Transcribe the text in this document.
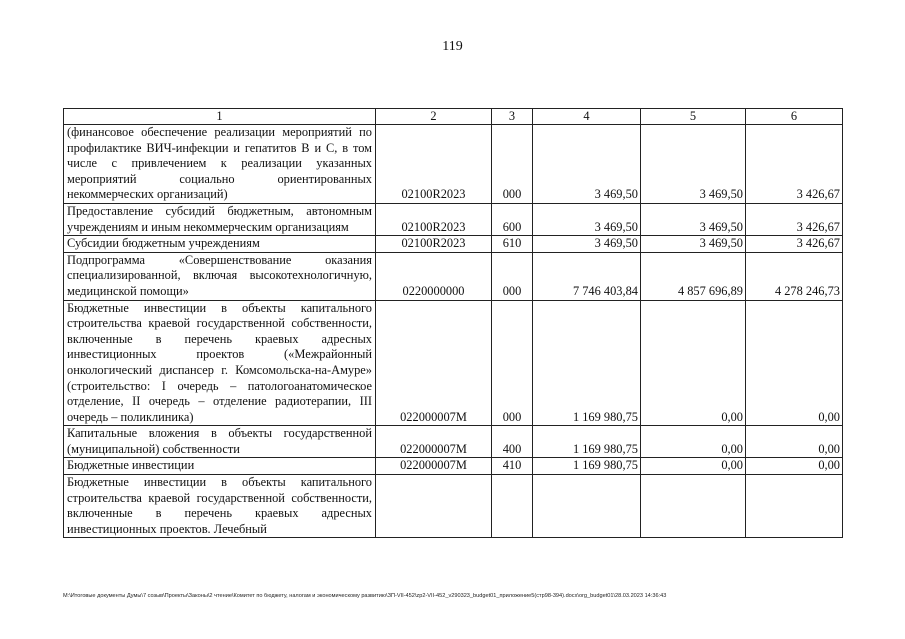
119
1	2	3	4	5	6
(финансовое обеспечение реализации мероприятий по профилактике ВИЧ-инфекции и гепатитов В и С, в том числе с привлечением к реализации указанных мероприятий социально ориентированных некоммерческих организаций)	02100R2023	000	3 469,50	3 469,50	3 426,67
Предоставление субсидий бюджетным, автономным учреждениям и иным некоммерческим организациям	02100R2023	600	3 469,50	3 469,50	3 426,67
Субсидии бюджетным учреждениям	02100R2023	610	3 469,50	3 469,50	3 426,67
Подпрограмма «Совершенствование оказания специализированной, включая высокотехнологичную, медицинской помощи»	0220000000	000	7 746 403,84	4 857 696,89	4 278 246,73
Бюджетные инвестиции в объекты капитального строительства краевой государственной собственности, включенные в перечень краевых адресных инвестиционных проектов («Межрайонный онкологический диспансер г. Комсомольска-на-Амуре» (строительство: I очередь – патологоанатомическое отделение, II очередь – отделение радиотерапии, III очередь – поликлиника)	022000007М	000	1 169 980,75	0,00	0,00
Капитальные вложения в объекты государственной (муниципальной) собственности	022000007М	400	1 169 980,75	0,00	0,00
Бюджетные инвестиции	022000007М	410	1 169 980,75	0,00	0,00
Бюджетные инвестиции в объекты капитального строительства краевой государственной собственности, включенные в перечень краевых адресных инвестиционных проектов. Лечебный					
М:\Итоговые документы Думы\7 созыв\Проекты\Законы\2 чтение\Комитет по бюджету, налогам и экономическому развитию\ЗП-VII-452\zp2-VII-452_v290323_budget01_приложение5(стр98-394).docx\org_budget01\28.03.2023 14:36:43
